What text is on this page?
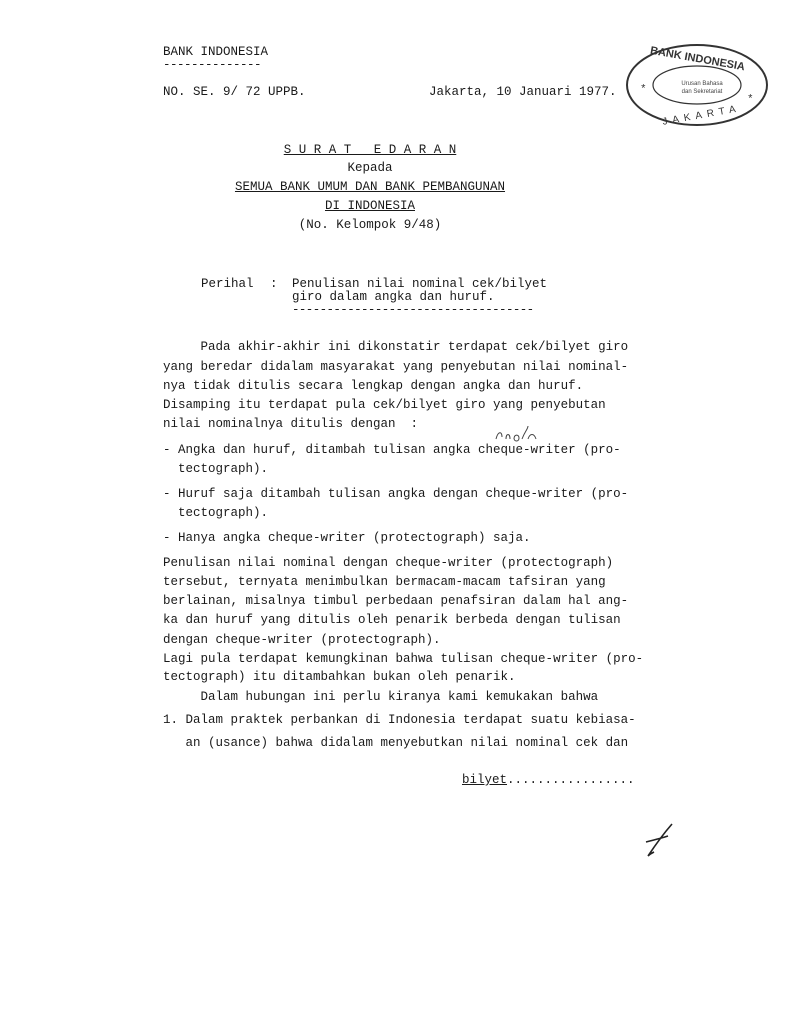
BANK INDONESIA
--------------
NO. SE. 9/ 72 UPPB.	Jakarta, 10 Januari 1977.
BANK INDONESIA
Urusan Bahasa
dan Sekretariat
JAKARTA
*
*
S U R A T   E D A R A N
Kepada
SEMUA BANK UMUM DAN BANK PEMBANGUNAN
DI INDONESIA
(No. Kelompok 9/48)
Perihal : Penulisan nilai nominal cek/bilyet
giro dalam angka dan huruf.
-----------------------------------
Pada akhir-akhir ini dikonstatir terdapat cek/bilyet giro
yang beredar didalam masyarakat yang penyebutan nilai nominal-
nya tidak ditulis secara lengkap dengan angka dan huruf.
Disamping itu terdapat pula cek/bilyet giro yang penyebutan
nilai nominalnya ditulis dengan  :
- Angka dan huruf, ditambah tulisan angka cheque-writer (pro-
tectograph).
- Huruf saja ditambah tulisan angka dengan cheque-writer (pro-
tectograph).
- Hanya angka cheque-writer (protectograph) saja.
Penulisan nilai nominal dengan cheque-writer (protectograph)
tersebut, ternyata menimbulkan bermacam-macam tafsiran yang
berlainan, misalnya timbul perbedaan penafsiran dalam hal ang-
ka dan huruf yang ditulis oleh penarik berbeda dengan tulisan
dengan cheque-writer (protectograph).
Lagi pula terdapat kemungkinan bahwa tulisan cheque-writer (pro-
tectograph) itu ditambahkan bukan oleh penarik.
Dalam hubungan ini perlu kiranya kami kemukakan bahwa
1. Dalam praktek perbankan di Indonesia terdapat suatu kebiasa-
an (usance) bahwa didalam menyebutkan nilai nominal cek dan
bilyet.................
